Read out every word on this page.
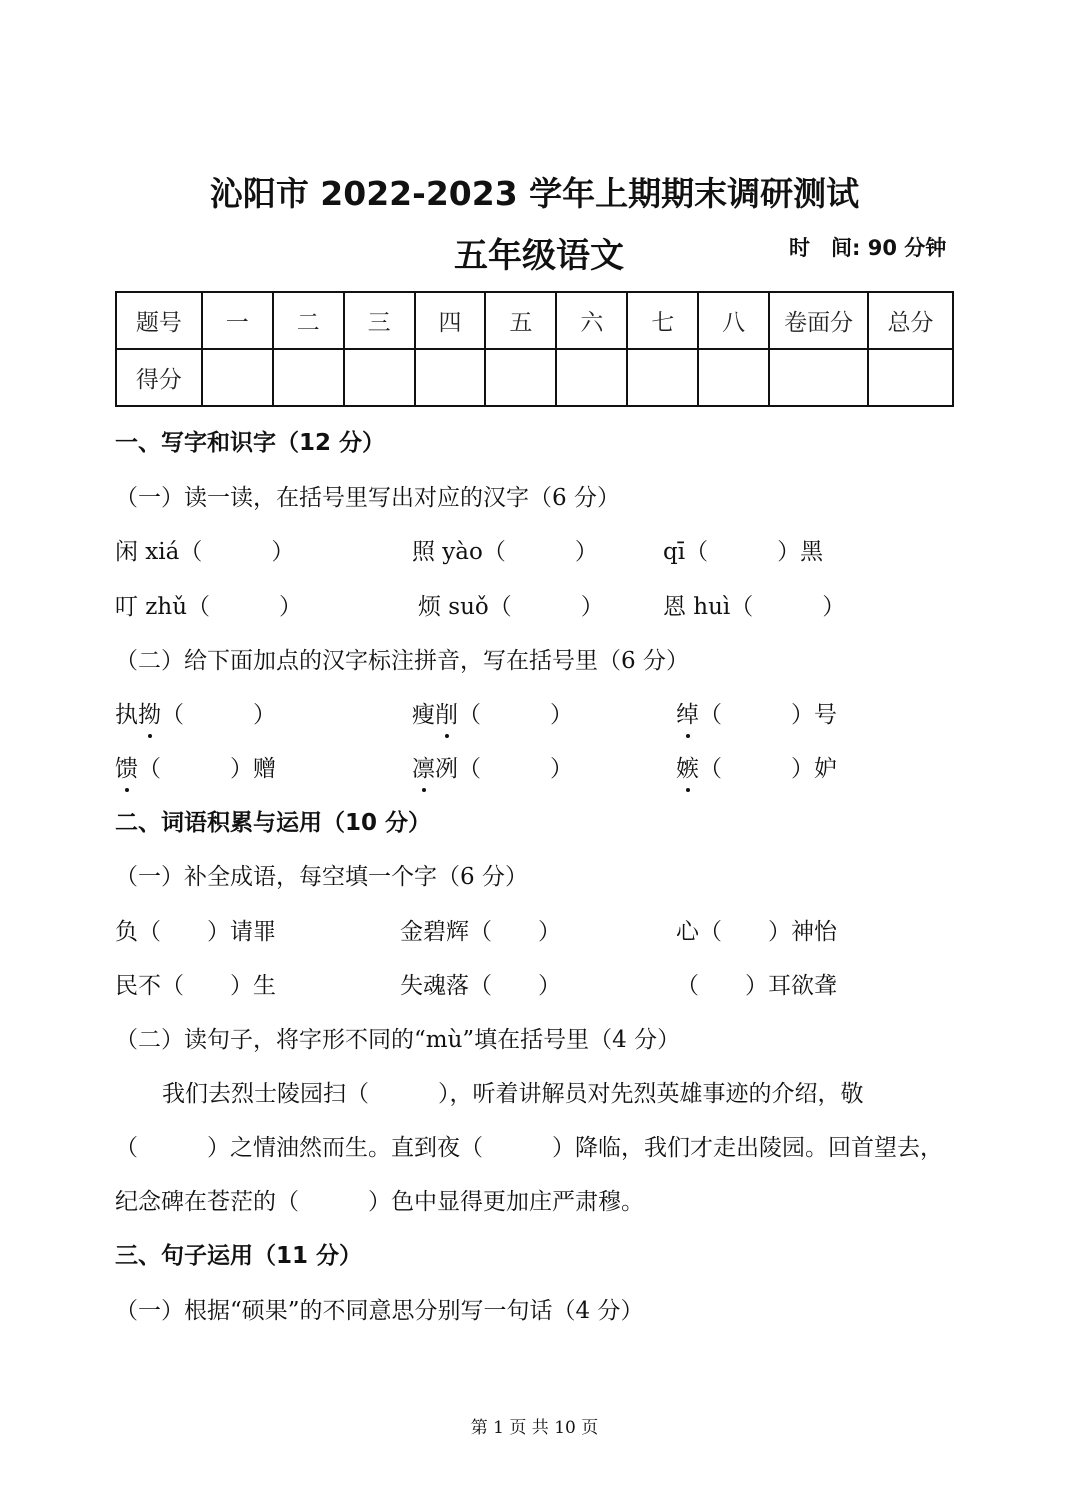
沁阳市 2022-2023 学年上期期末调研测试
五年级语文	时　间: 90 分钟
题号	一	二	三	四	五	六	七	八	卷面分	总分
得分										
一、写字和识字（12 分）
（一）读一读，在括号里写出对应的汉字（6 分）
闲 xiá（　　　）	照 yào（　　　）	qī（　　　）黑
叮 zhǔ（　　　）	烦 suǒ（　　　）	恩 huì（　　　）
（二）给下面加点的汉字标注拼音，写在括号里（6 分）
执拗（　　　）	瘦削（　　　）	绰（　　　）号
馈（　　　）赠	凛冽（　　　）	嫉（　　　）妒
二、词语积累与运用（10 分）
（一）补全成语，每空填一个字（6 分）
负（　　）请罪	金碧辉（　　）	心（　　）神怡
民不（　　）生	失魂落（　　）	（　　）耳欲聋
（二）读句子，将字形不同的“mù”填在括号里（4 分）
我们去烈士陵园扫（　　　），听着讲解员对先烈英雄事迹的介绍，敬
（　　　）之情油然而生。直到夜（　　　）降临，我们才走出陵园。回首望去，
纪念碑在苍茫的（　　　）色中显得更加庄严肃穆。
三、句子运用（11 分）
（一）根据“硕果”的不同意思分别写一句话（4 分）
第 1 页 共 10 页
